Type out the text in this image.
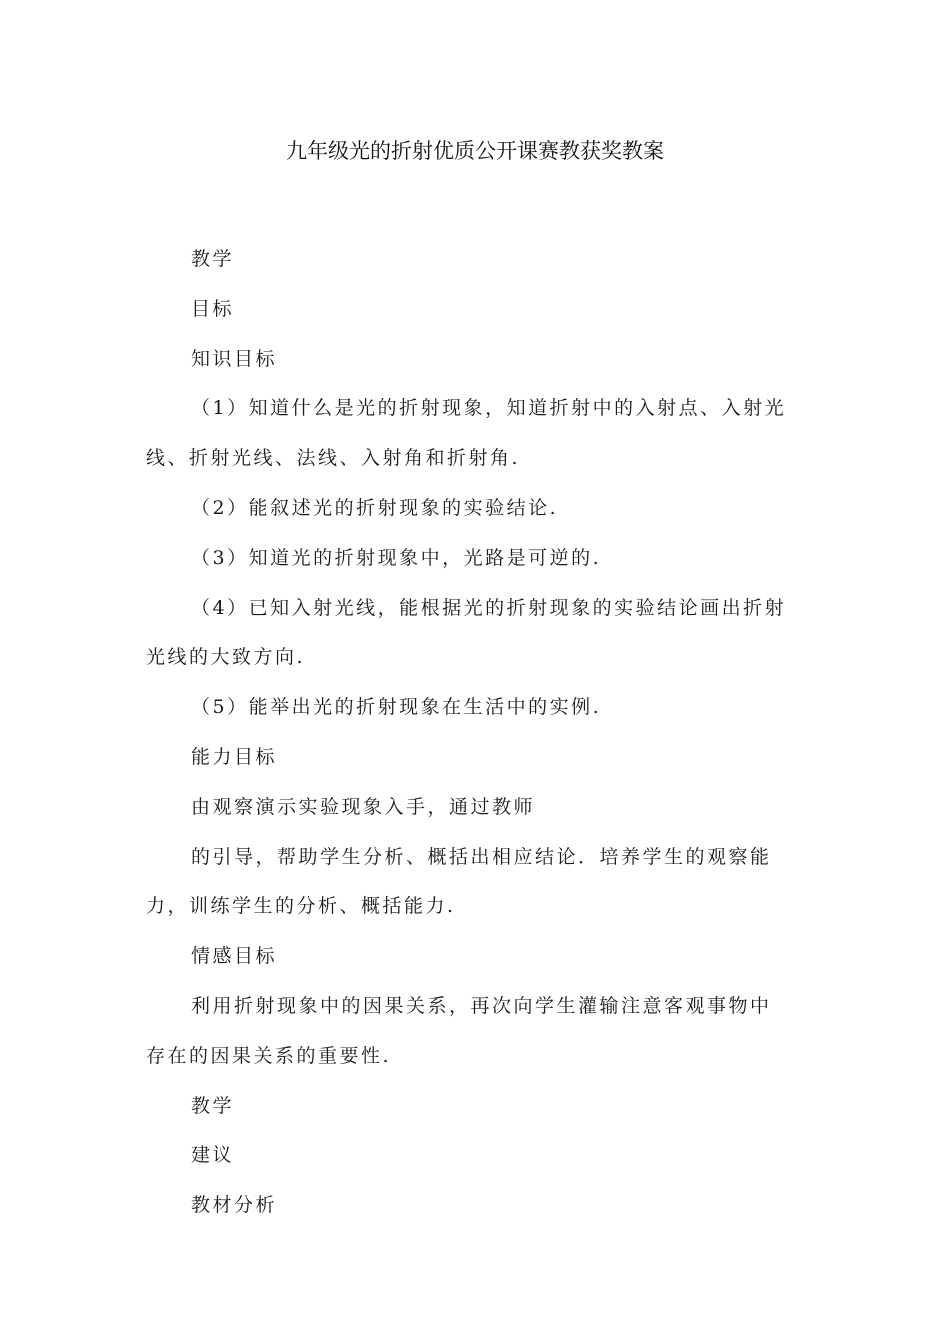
九年级光的折射优质公开课赛教获奖教案

教学

目标

知识目标

（1）知道什么是光的折射现象，知道折射中的入射点、入射光

线、折射光线、法线、入射角和折射角.

（2）能叙述光的折射现象的实验结论.

（3）知道光的折射现象中，光路是可逆的.

（4）已知入射光线，能根据光的折射现象的实验结论画出折射

光线的大致方向.

（5）能举出光的折射现象在生活中的实例.

能力目标

由观察演示实验现象入手，通过教师

的引导，帮助学生分析、概括出相应结论．培养学生的观察能

力，训练学生的分析、概括能力.

情感目标

利用折射现象中的因果关系，再次向学生灌输注意客观事物中

存在的因果关系的重要性.

教学

建议

教材分析
